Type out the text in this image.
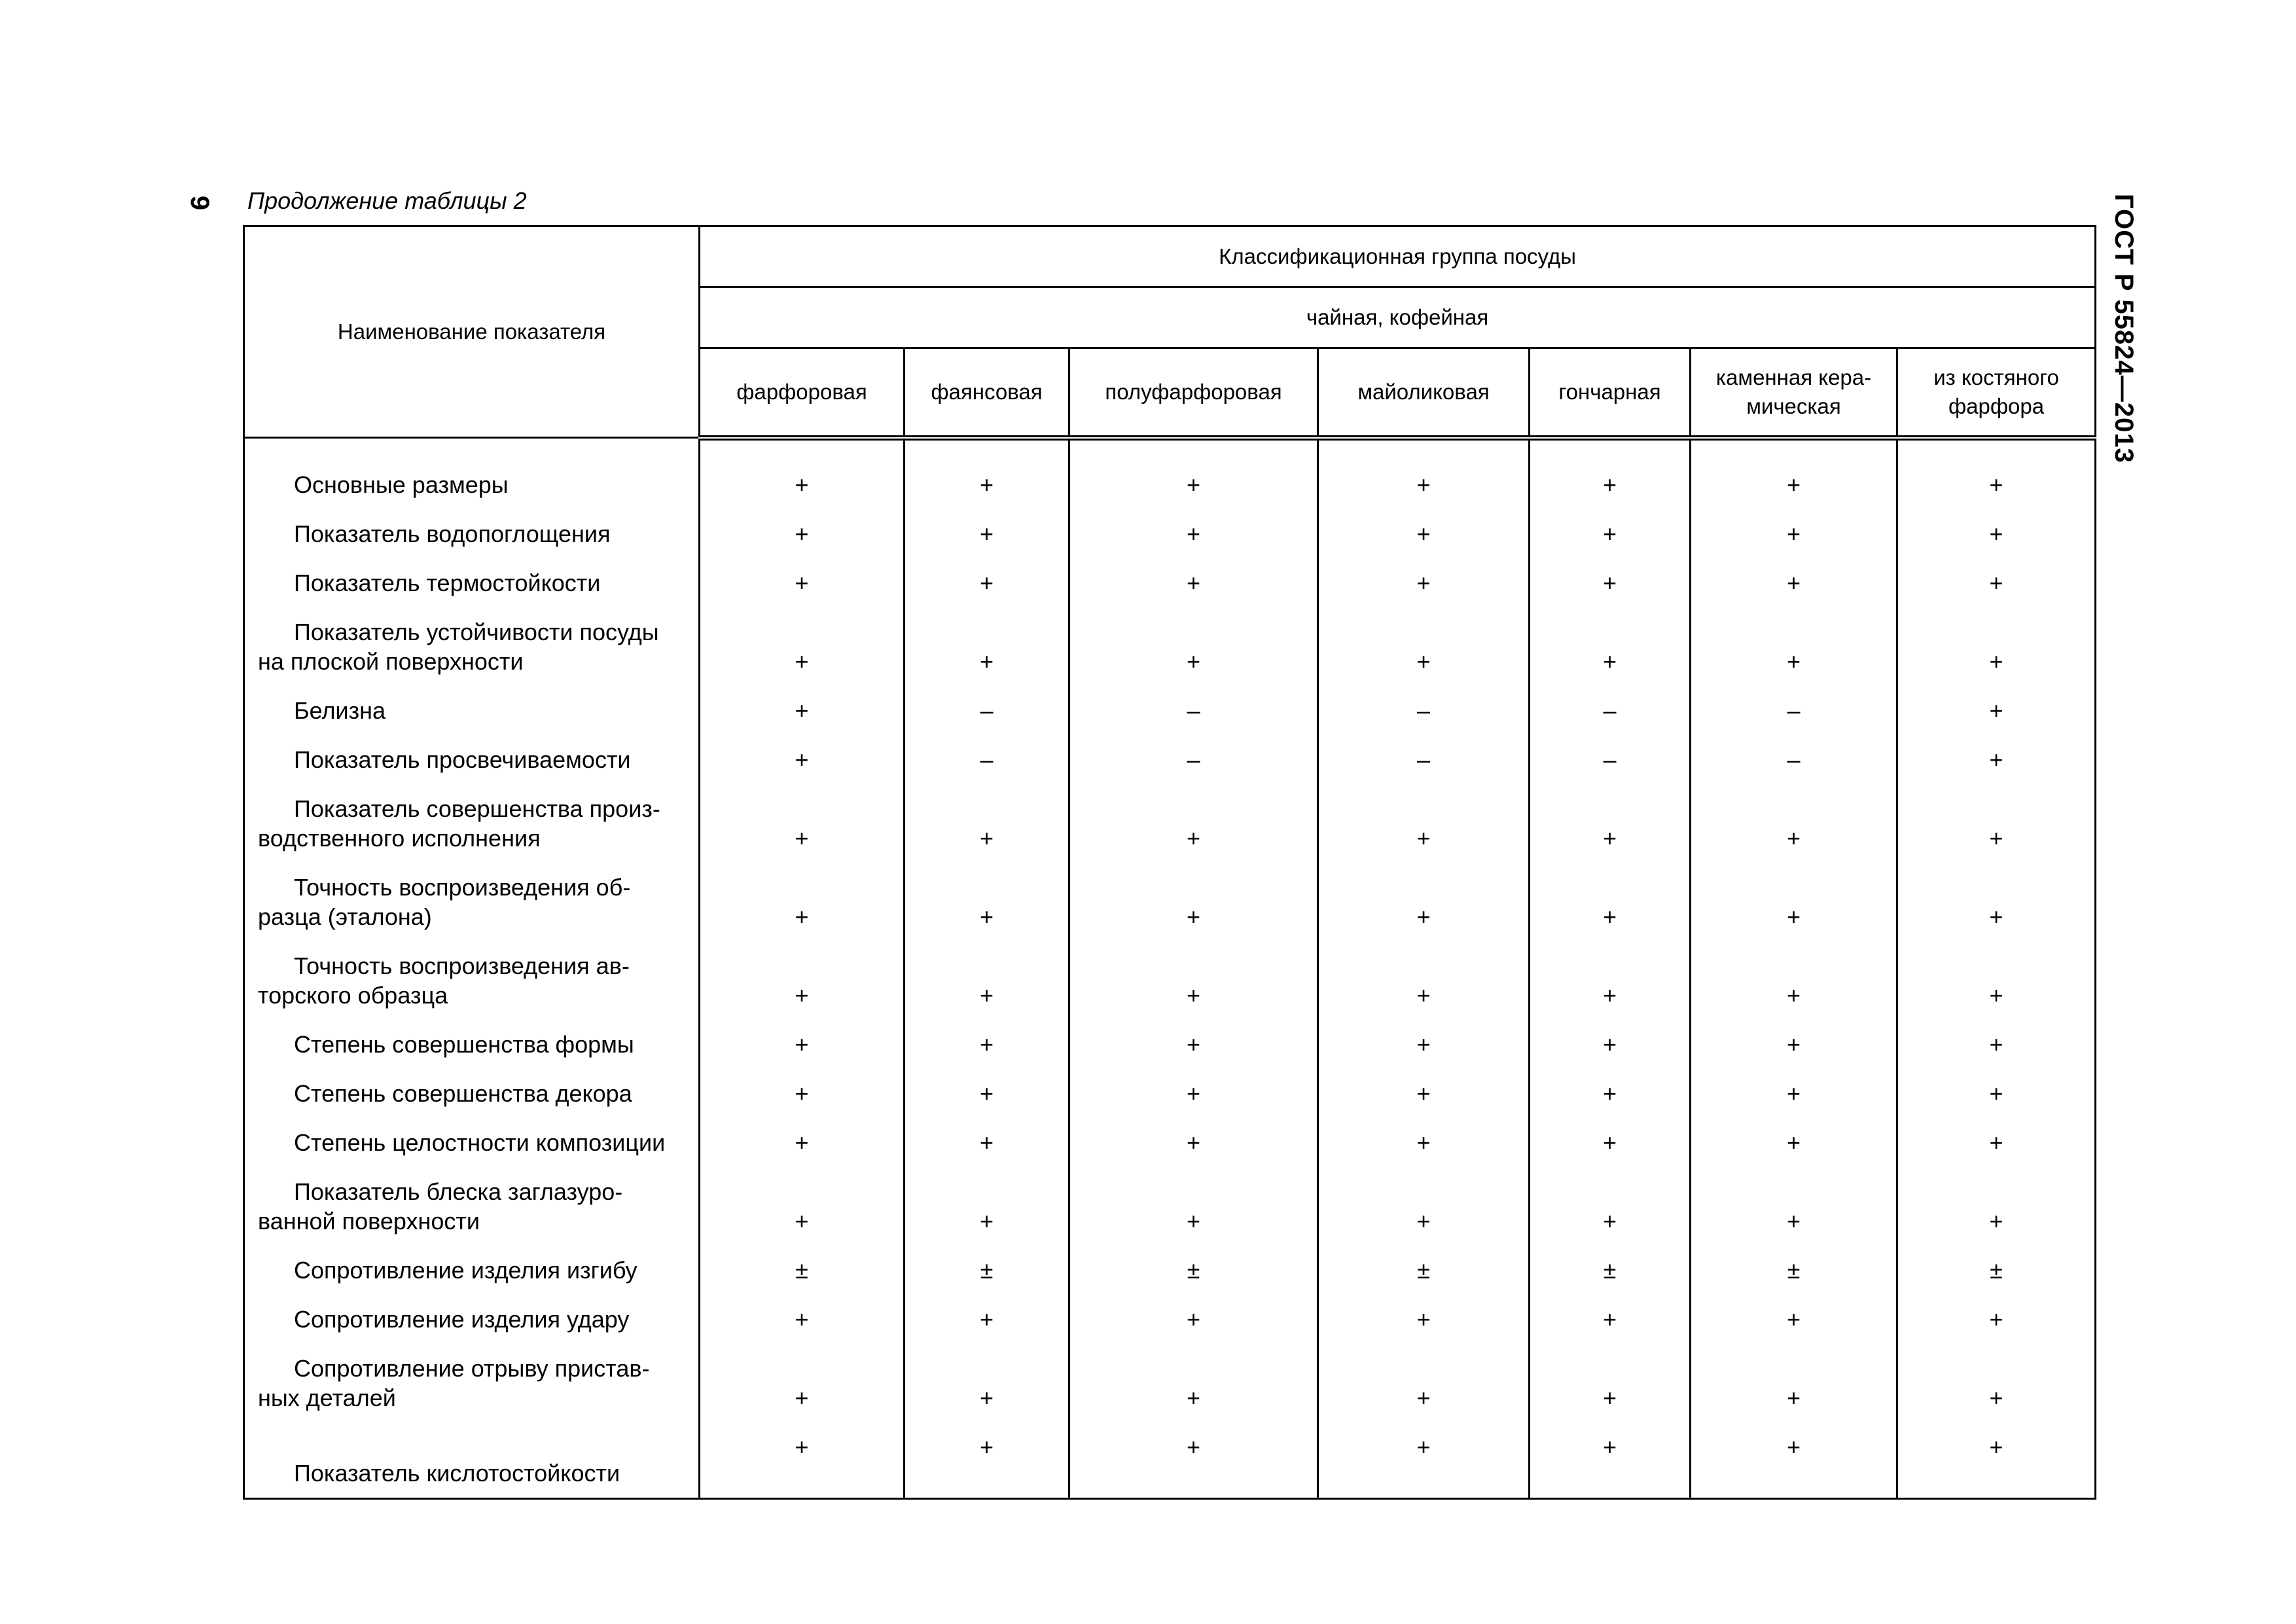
9 Продолжение таблицы 2	ГОСТ Р 55824—2013
Наименование показателя	Классификационная группа посуды						
	чайная, кофейная						
	фарфоровая	фаянсовая	полуфарфоровая	майоликовая	гончарная	каменная кера-мическая	из костяного фарфора

Основные размеры	+	+	+	+	+	+	+

Показатель водопоглощения	+	+	+	+	+	+	+

Показатель термостойкости	+	+	+	+	+	+	+

Показатель устойчивости посуды на плоской поверхности	+	+	+	+	+	+	+

Белизна	+	–	–	–	–	–	+

Показатель просвечиваемости	+	–	–	–	–	–	+

Показатель совершенства произ-водственного исполнения	+	+	+	+	+	+	+

Точность воспроизведения об-разца (эталона)	+	+	+	+	+	+	+

Точность воспроизведения ав-торского образца	+	+	+	+	+	+	+

Степень совершенства формы	+	+	+	+	+	+	+

Степень совершенства декора	+	+	+	+	+	+	+

Степень целостности композиции	+	+	+	+	+	+	+

Показатель блеска заглазуро-ванной поверхности	+	+	+	+	+	+	+

Сопротивление изделия изгибу	±	±	±	±	±	±	±

Сопротивление изделия удару	+	+	+	+	+	+	+

Сопротивление отрыву пристав-ных деталей	+	+	+	+	+	+	+

Показатель кислотостойкости	+	+	+	+	+	+	+
